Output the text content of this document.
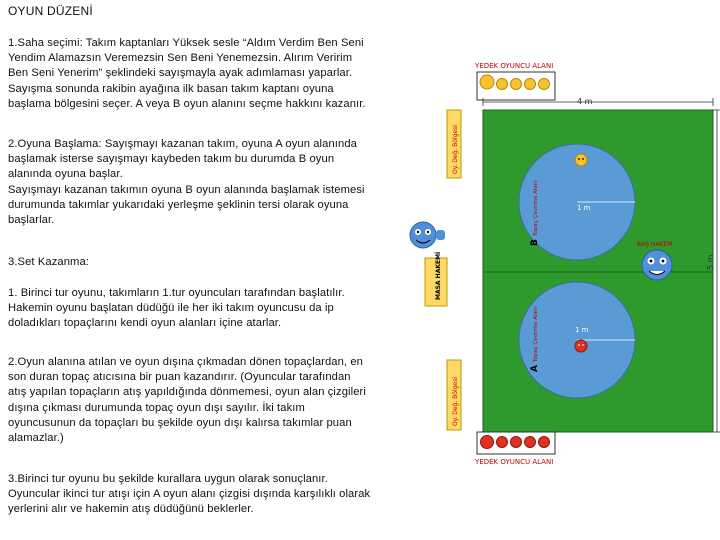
OYUN DÜZENİ
1.Saha seçimi: Takım kaptanları Yüksek sesle “Aldım Verdim Ben Seni
Yendim Alamazsın Veremezsin Sen Beni Yenemezsin. Alırım Veririm
Ben Seni Yenerim” şeklindeki sayışmayla ayak adımlaması yaparlar.
Sayışma sonunda rakibin ayağına ilk basan takım kaptanı oyuna
başlama bölgesini seçer. A veya B oyun alanını seçme hakkını kazanır.
2.Oyuna Başlama: Sayışmayı kazanan takım, oyuna A oyun alanında
başlamak isterse sayışmayı kaybeden takım bu durumda B oyun
alanında oyuna başlar.
Sayışmayı kazanan takımın oyuna B oyun alanında başlamak istemesi
durumunda takımlar yukarıdaki yerleşme şeklinin tersi olarak oyuna
başlarlar.
3.Set Kazanma:
1. Birinci tur oyunu, takımların 1.tur oyuncuları tarafından başlatılır.
Hakemin oyunu başlatan düdüğü ile her iki takım oyuncusu da ip
doladıkları topaçlarını kendi oyun alanları içine atarlar.
2.Oyun alanına atılan ve oyun dışına çıkmadan dönen topaçlardan, en
son duran topaç atıcısına bir puan kazandırır. (Oyuncular tarafından
atış yapılan topaçların atış yapıldığında dönmemesi, oyun alan çizgileri
dışına çıkması durumunda topaç oyun dışı sayılır. İki takım
oyuncusunun da topaçları bu şekilde oyun dışı kalırsa takımlar puan
alamazlar.)
3.Birinci tur oyunu bu şekilde kurallara uygun olarak sonuçlanır.
Oyuncular ikinci tur atışı için A oyun alanı çizgisi dışında karşılıklı olarak
yerlerini alır ve hakemin atış düdüğünü beklerler.
YEDEK OYUNCU ALANI
4 m
Oy. Değ. Bölgesi
Oy. Değ. Bölgesi
MASA HAKEMİ	5 m
1 m
B
Topaç Çevirme Alanı
1 m
A
Topaç Çevirme Alanı
BAŞ HAKEM
YEDEK OYUNCU ALANI
